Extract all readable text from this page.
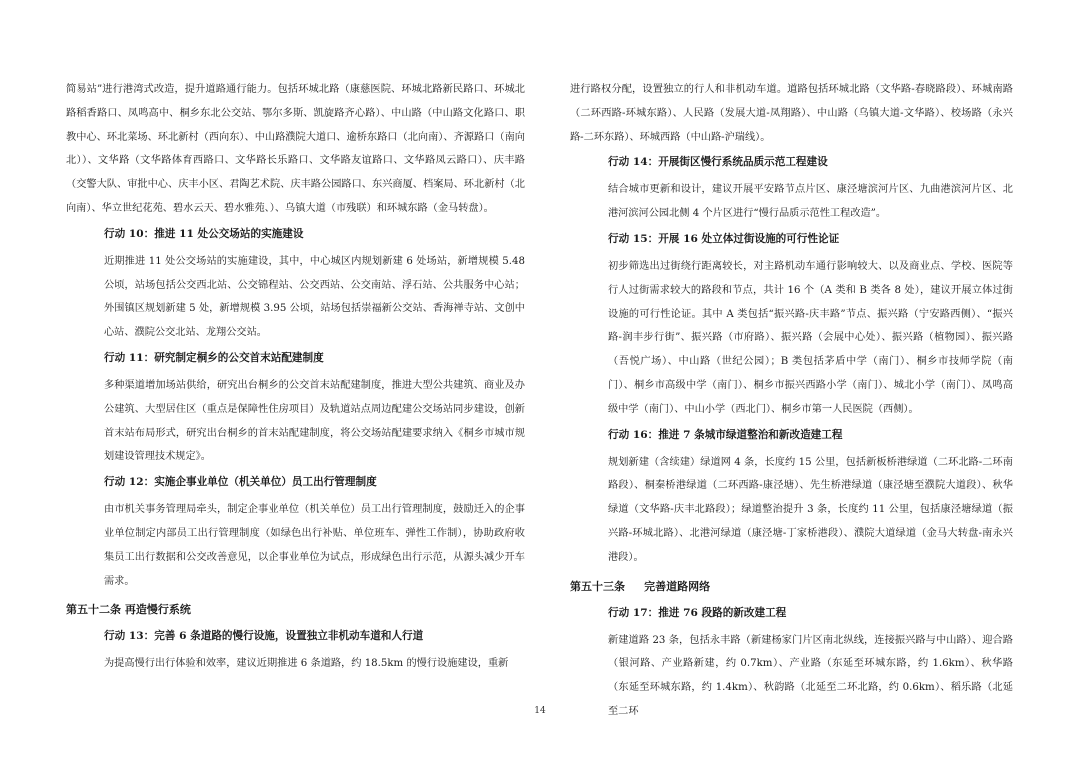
简易站”进行港湾式改造，提升道路通行能力。包括环城北路（康慈医院、环城北路新民路口、环城北路稻香路口、凤鸣高中、桐乡东北公交站、鄂尔多斯、凯旋路齐心路）、中山路（中山路文化路口、职教中心、环北菜场、环北新村（西向东）、中山路濮院大道口、逾桥东路口（北向南）、齐源路口（南向北））、文华路（文华路体育西路口、文华路长乐路口、文华路友谊路口、文华路凤云路口）、庆丰路（交警大队、审批中心、庆丰小区、君陶艺术院、庆丰路公园路口、东兴商厦、档案局、环北新村（北向南）、华立世纪花苑、碧水云天、碧水雅苑、）、乌镇大道（市残联）和环城东路（金马转盘）。

行动 10：推进 11 处公交场站的实施建设

近期推进 11 处公交场站的实施建设，其中，中心城区内规划新建 6 处场站，新增规模 5.48 公顷，站场包括公交西北站、公交锦程站、公交西站、公交南站、浮石站、公共服务中心站；外围镇区规划新建 5 处，新增规模 3.95 公顷，站场包括崇福新公交站、香海禅寺站、文创中心站、濮院公交北站、龙翔公交站。

行动 11：研究制定桐乡的公交首末站配建制度

多种渠道增加场站供给，研究出台桐乡的公交首末站配建制度，推进大型公共建筑、商业及办公建筑、大型居住区（重点是保障性住房项目）及轨道站点周边配建公交场站同步建设，创新首末站布局形式，研究出台桐乡的首末站配建制度，将公交场站配建要求纳入《桐乡市城市规划建设管理技术规定》。

行动 12：实施企事业单位（机关单位）员工出行管理制度

由市机关事务管理局牵头，制定企事业单位（机关单位）员工出行管理制度，鼓励迁入的企事业单位制定内部员工出行管理制度（如绿色出行补贴、单位班车、弹性工作制），协助政府收集员工出行数据和公交改善意见，以企事业单位为试点，形成绿色出行示范，从源头减少开车需求。

第五十二条 再造慢行系统

行动 13：完善 6 条道路的慢行设施，设置独立非机动车道和人行道

为提高慢行出行体验和效率，建议近期推进 6 条道路，约 18.5km 的慢行设施建设，重新

进行路权分配，设置独立的行人和非机动车道。道路包括环城北路（文华路-春晓路段）、环城南路（二环西路-环城东路）、人民路（发展大道-凤翔路）、中山路（乌镇大道-文华路）、校场路（永兴路-二环东路）、环城西路（中山路-沪瑞线）。

行动 14：开展街区慢行系统品质示范工程建设

结合城市更新和设计，建议开展平安路节点片区、康泾塘滨河片区、九曲港滨河片区、北港河滨河公园北侧 4 个片区进行“慢行品质示范性工程改造”。

行动 15：开展 16 处立体过街设施的可行性论证

初步筛选出过街绕行距离较长，对主路机动车通行影响较大、以及商业点、学校、医院等行人过街需求较大的路段和节点，共计 16 个（A 类和 B 类各 8 处），建议开展立体过街设施的可行性论证。其中 A 类包括“振兴路-庆丰路”节点、振兴路（宁安路西侧）、“振兴路-润丰步行街”、振兴路（市府路）、振兴路（会展中心处）、振兴路（植物园）、振兴路（吾悦广场）、中山路（世纪公园）；B 类包括茅盾中学（南门）、桐乡市技师学院（南门）、桐乡市高级中学（南门）、桐乡市振兴西路小学（南门）、城北小学（南门）、凤鸣高级中学（南门）、中山小学（西北门）、桐乡市第一人民医院（西侧）。

行动 16：推进 7 条城市绿道整治和新改造建工程

规划新建（含续建）绿道网 4 条，长度约 15 公里，包括新板桥港绿道（二环北路-二环南路段）、桐秦桥港绿道（二环西路-康泾塘）、先生桥港绿道（康泾塘至濮院大道段）、秋华绿道（文华路-庆丰北路段）；绿道整治提升 3 条，长度约 11 公里，包括康泾塘绿道（振兴路-环城北路）、北港河绿道（康泾塘-丁家桥港段）、濮院大道绿道（金马大转盘-南永兴港段）。

第五十三条     完善道路网络

行动 17：推进 76 段路的新改建工程

新建道路 23 条，包括永丰路（新建杨家门片区南北纵线，连接振兴路与中山路）、迎合路（银河路、产业路新建，约 0.7km）、产业路（东延至环城东路，约 1.6km）、秋华路（东延至环城东路，约 1.4km）、秋韵路（北延至二环北路，约 0.6km）、稻乐路（北延至二环

14
